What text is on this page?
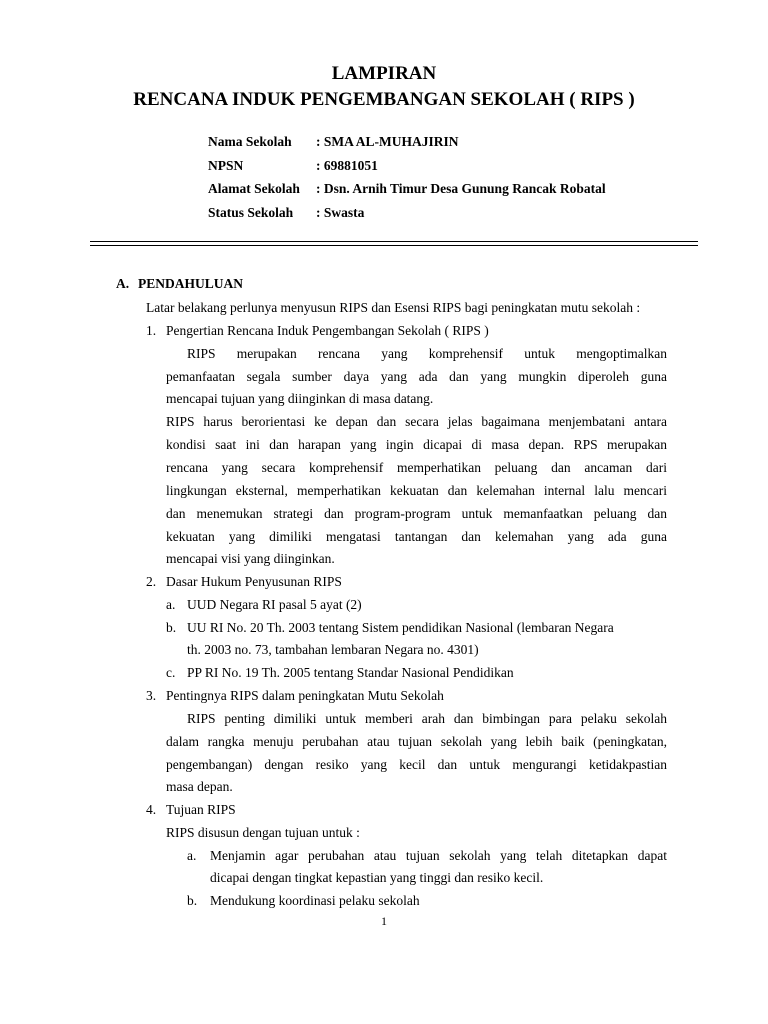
LAMPIRAN
RENCANA INDUK PENGEMBANGAN SEKOLAH ( RIPS )
Nama Sekolah : SMA AL-MUHAJIRIN
NPSN	: 69881051
Alamat Sekolah : Dsn. Arnih Timur Desa Gunung Rancak Robatal
Status Sekolah : Swasta
A. PENDAHULUAN
Latar belakang perlunya menyusun RIPS dan Esensi RIPS bagi peningkatan mutu sekolah :
1. Pengertian Rencana Induk Pengembangan Sekolah ( RIPS )
RIPS merupakan rencana yang komprehensif untuk mengoptimalkan
pemanfaatan segala sumber daya yang ada dan yang mungkin diperoleh guna
mencapai tujuan yang diinginkan di masa datang.
RIPS harus berorientasi ke depan dan secara jelas bagaimana menjembatani antara
kondisi saat ini dan harapan yang ingin dicapai di masa depan. RPS merupakan
rencana yang secara komprehensif memperhatikan peluang dan ancaman dari
lingkungan eksternal, memperhatikan kekuatan dan kelemahan internal lalu mencari
dan menemukan strategi dan program-program untuk memanfaatkan peluang dan
kekuatan yang dimiliki mengatasi tantangan dan kelemahan yang ada guna
mencapai visi yang diinginkan.
2. Dasar Hukum Penyusunan RIPS
a. UUD Negara RI pasal 5 ayat (2)
b. UU RI No. 20 Th. 2003 tentang Sistem pendidikan Nasional (lembaran Negara
th. 2003 no. 73, tambahan lembaran Negara no. 4301)
c. PP RI No. 19 Th. 2005 tentang Standar Nasional Pendidikan
3. Pentingnya RIPS dalam peningkatan Mutu Sekolah
RIPS penting dimiliki untuk memberi arah dan bimbingan para pelaku sekolah
dalam rangka menuju perubahan atau tujuan sekolah yang lebih baik (peningkatan,
pengembangan) dengan resiko yang kecil dan untuk mengurangi ketidakpastian
masa depan.
4. Tujuan RIPS
RIPS disusun dengan tujuan untuk :
a. Menjamin agar perubahan atau tujuan sekolah yang telah ditetapkan dapat
dicapai dengan tingkat kepastian yang tinggi dan resiko kecil.
b. Mendukung koordinasi pelaku sekolah
1
